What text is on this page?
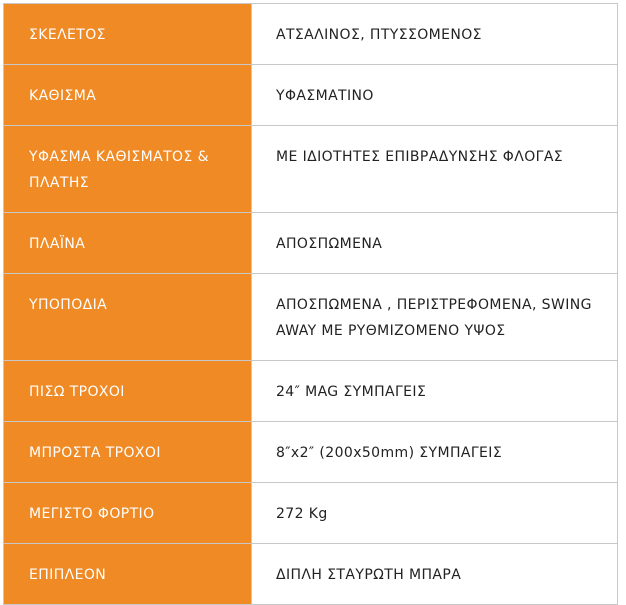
ΣΚΕΛΕΤΟΣ	ΑΤΣΑΛΙΝΟΣ, ΠΤΥΣΣΟΜΕΝΟΣ
ΚΑΘΙΣΜΑ	ΥΦΑΣΜΑΤΙΝΟ
ΥΦΑΣΜΑ ΚΑΘΙΣΜΑΤΟΣ & ΠΛΑΤΗΣ	ΜΕ ΙΔΙΟΤΗΤΕΣ ΕΠΙΒΡΑΔΥΝΣΗΣ ΦΛΟΓΑΣ
ΠΛΑΪΝΑ	ΑΠΟΣΠΩΜΕΝΑ
ΥΠΟΠΟΔΙΑ	ΑΠΟΣΠΩΜΕΝΑ , ΠΕΡΙΣΤΡΕΦΟΜΕΝΑ, SWING AWAY ΜΕ ΡΥΘΜΙΖΟΜΕΝΟ ΥΨΟΣ
ΠΙΣΩ ΤΡΟΧΟΙ	24″ MAG ΣΥΜΠΑΓΕΙΣ
ΜΠΡΟΣΤΑ ΤΡΟΧΟΙ	8″x2″ (200x50mm) ΣΥΜΠΑΓΕΙΣ
ΜΕΓΙΣΤΟ ΦΟΡΤΙΟ	272 Kg
ΕΠΙΠΛΕΟΝ	ΔΙΠΛΗ ΣΤΑΥΡΩΤΗ ΜΠΑΡΑ
